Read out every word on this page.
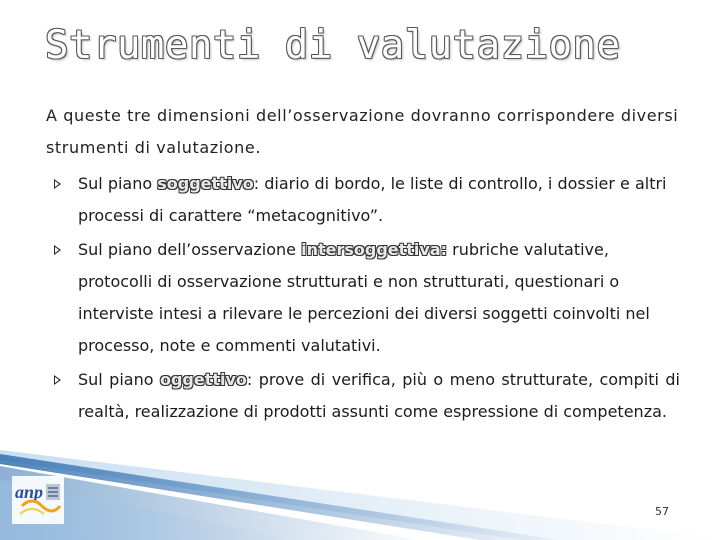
Strumenti di valutazione
A queste tre dimensioni dell’osservazione dovranno corrispondere diversi strumenti di valutazione.
Sul piano soggettivo: diario di bordo, le liste di controllo, i dossier e altri processi di carattere “metacognitivo”.
Sul piano dell’osservazione intersoggettiva: rubriche valutative, protocolli di osservazione strutturati e non strutturati, questionari o interviste intesi a rilevare le percezioni dei diversi soggetti coinvolti nel processo, note e commenti valutativi.
Sul piano oggettivo: prove di verifica, più o meno strutturate, compiti di realtà, realizzazione di prodotti assunti come espressione di competenza.
anp
57
